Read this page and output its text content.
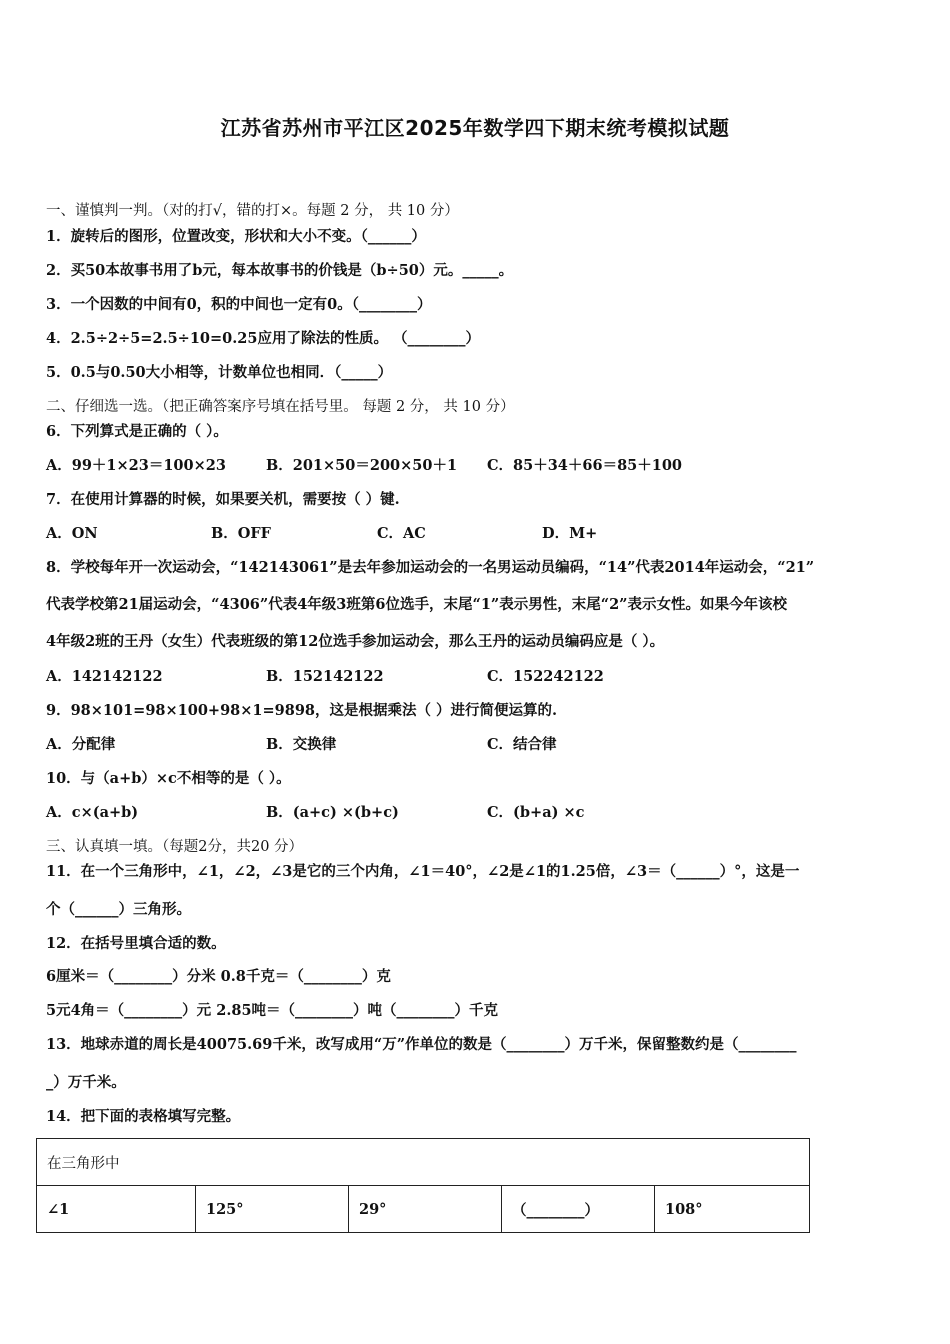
江苏省苏州市平江区2025年数学四下期末统考模拟试题
一、谨慎判一判。（对的打√，错的打×。每题 2 分， 共 10 分）
1．旋转后的图形，位置改变，形状和大小不变。（______）
2．买50本故事书用了b元，每本故事书的价钱是（b÷50）元。_____。
3．一个因数的中间有0，积的中间也一定有0。（________）
4．2.5÷2÷5=2.5÷10=0.25应用了除法的性质。 （________）
5．0.5与0.50大小相等，计数单位也相同．（_____）
二、仔细选一选。（把正确答案序号填在括号里。 每题 2 分， 共 10 分）
6．下列算式是正确的（ ）。
A．99＋1×23＝100×23	B．201×50＝200×50＋1 C．85＋34＋66＝85＋100
7．在使用计算器的时候，如果要关机，需要按（ ）键.
A．ON	B．OFF	C．AC	D．M+
8．学校每年开一次运动会，“142143061”是去年参加运动会的一名男运动员编码，“14”代表2014年运动会，“21”
代表学校第21届运动会，“4306”代表4年级3班第6位选手，末尾“1”表示男性，末尾“2”表示女性。如果今年该校
4年级2班的王丹（女生）代表班级的第12位选手参加运动会，那么王丹的运动员编码应是（ ）。
A．142142122	B．152142122	C．152242122
9．98×101=98×100+98×1=9898，这是根据乘法（ ）进行简便运算的.
A．分配律	B．交换律	C．结合律
10．与（a+b）×c不相等的是（ ）。
A．c×(a+b)	B．(a+c) ×(b+c)	C．(b+a) ×c
三、认真填一填。（每题2分，共20 分）
11．在一个三角形中，∠1，∠2，∠3是它的三个内角，∠1＝40°，∠2是∠1的1.25倍，∠3＝（______）°，这是一
个（______）三角形。
12．在括号里填合适的数。
6厘米＝（________）分米 0.8千克＝（________）克
5元4角＝（________）元 2.85吨＝（________）吨（________）千克
13．地球赤道的周长是40075.69千米，改写成用“万”作单位的数是（________）万千米，保留整数约是（________
_）万千米。
14．把下面的表格填写完整。
在三角形中
∠1	125°	29°	（________）	108°
